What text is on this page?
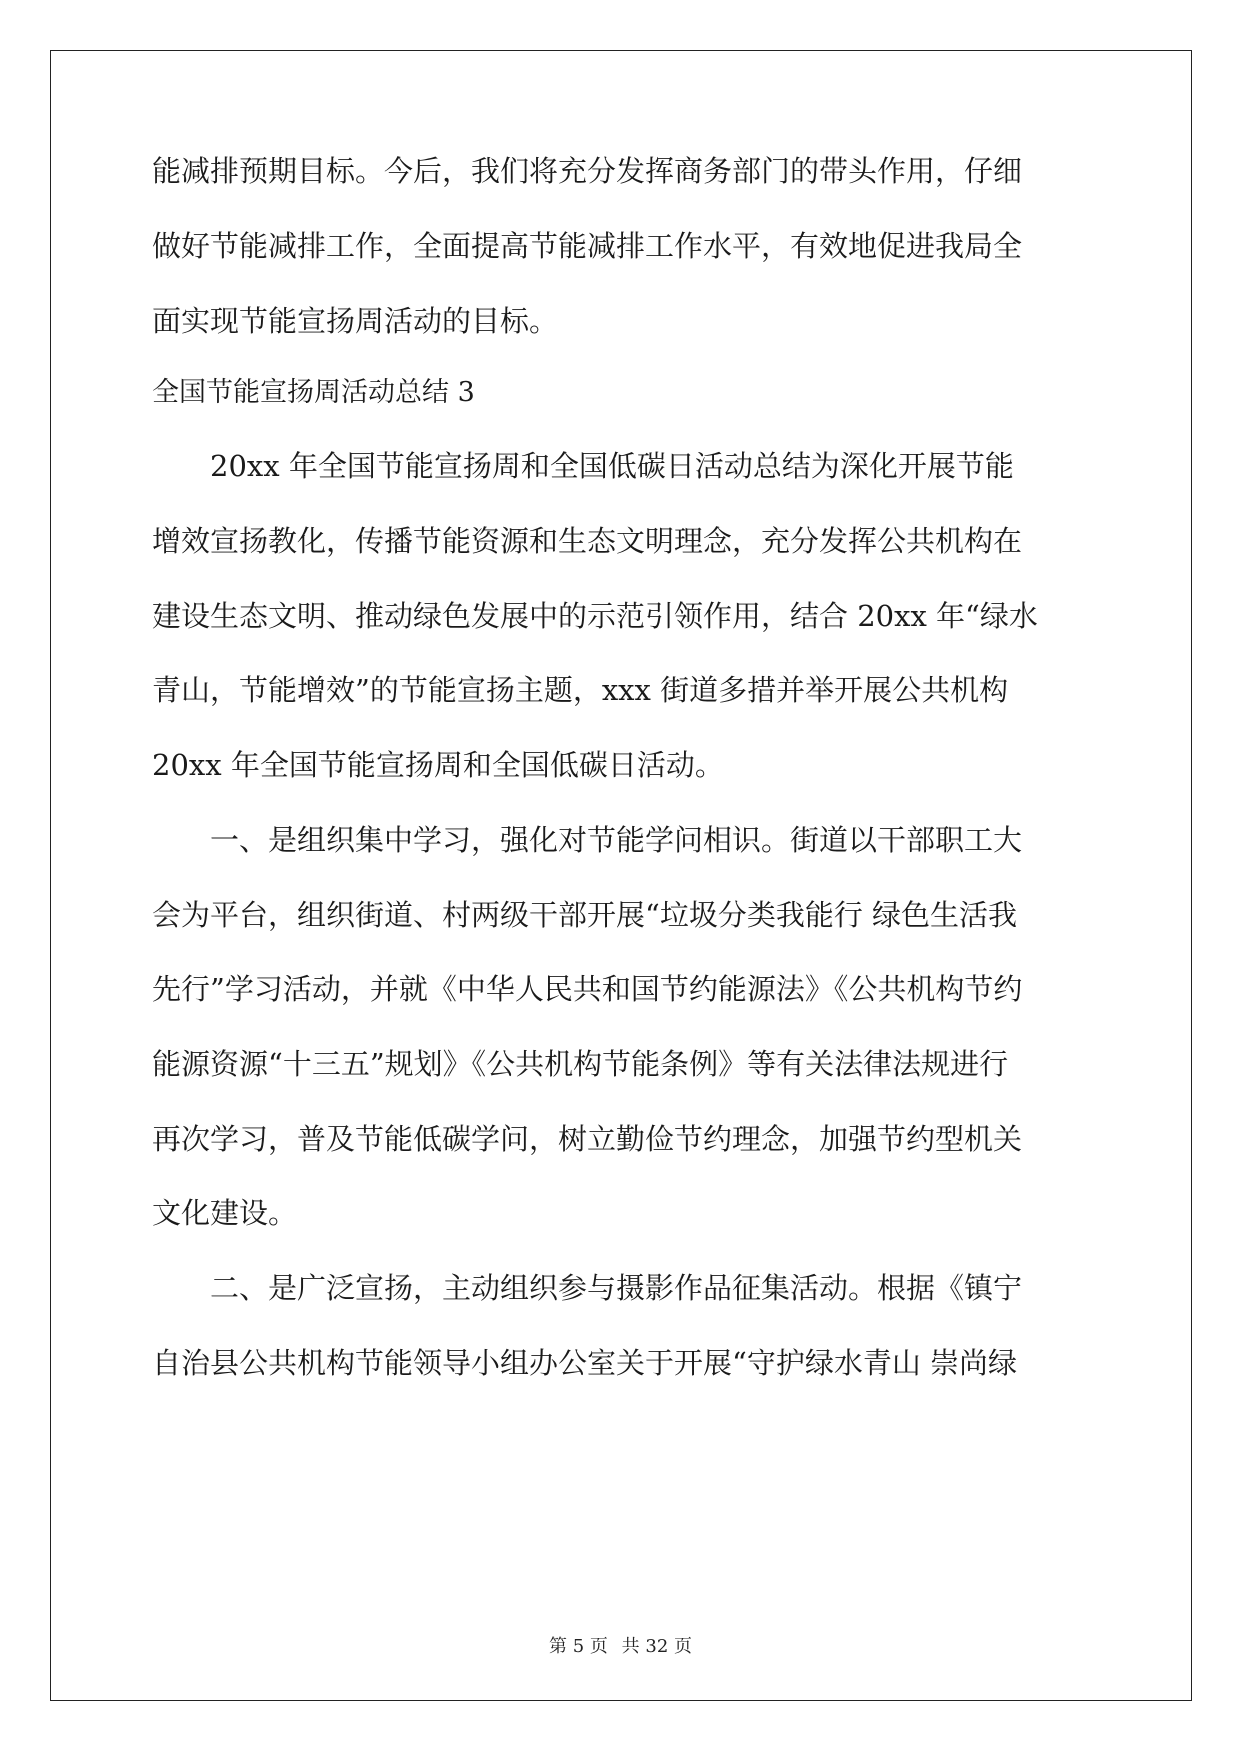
能减排预期目标。今后，我们将充分发挥商务部门的带头作用，仔细
做好节能减排工作，全面提高节能减排工作水平，有效地促进我局全
面实现节能宣扬周活动的目标。
全国节能宣扬周活动总结 3
　　20xx 年全国节能宣扬周和全国低碳日活动总结为深化开展节能
增效宣扬教化，传播节能资源和生态文明理念，充分发挥公共机构在
建设生态文明、推动绿色发展中的示范引领作用，结合 20xx 年“绿水
青山，节能增效”的节能宣扬主题，xxx 街道多措并举开展公共机构
20xx 年全国节能宣扬周和全国低碳日活动。
　　一、是组织集中学习，强化对节能学问相识。街道以干部职工大
会为平台，组织街道、村两级干部开展“垃圾分类我能行 绿色生活我
先行”学习活动，并就《中华人民共和国节约能源法》《公共机构节约
能源资源“十三五”规划》《公共机构节能条例》等有关法律法规进行
再次学习，普及节能低碳学问，树立勤俭节约理念，加强节约型机关
文化建设。
　　二、是广泛宣扬，主动组织参与摄影作品征集活动。根据《镇宁
自治县公共机构节能领导小组办公室关于开展“守护绿水青山 崇尚绿
第 5 页 共 32 页
